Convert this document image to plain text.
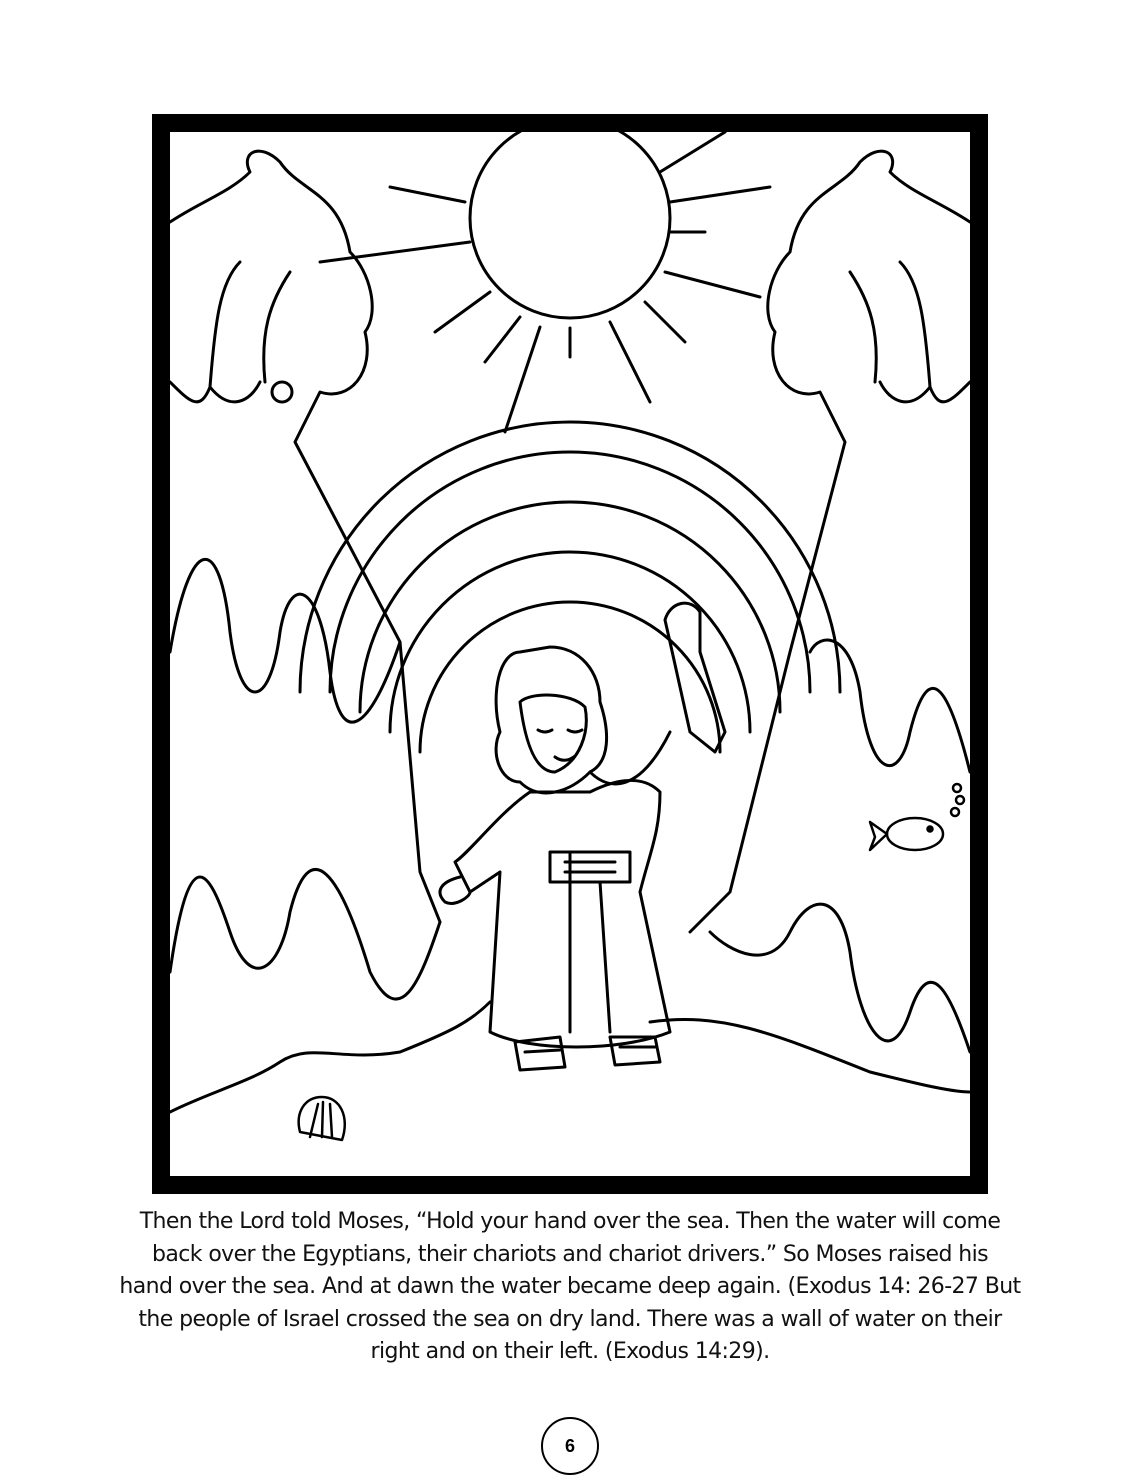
Then the Lord told Moses, “Hold your hand over the sea. Then the water will come
back over the Egyptians, their chariots and chariot drivers.” So Moses raised his
hand over the sea. And at dawn the water became deep again. (Exodus 14: 26-27 But
the people of Israel crossed the sea on dry land. There was a wall of water on their
right and on their left. (Exodus 14:29).
6
